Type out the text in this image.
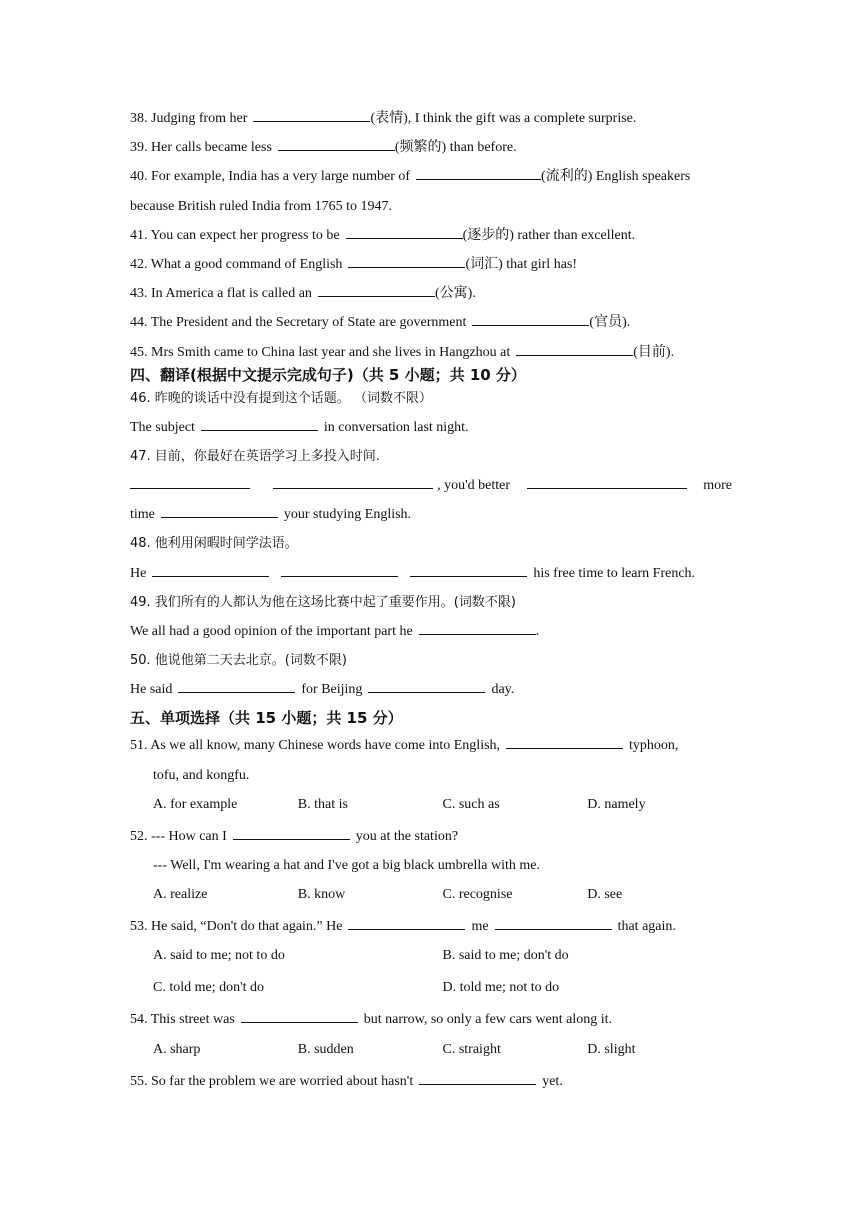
38. Judging from her	(表情), I think the gift was a complete surprise.
39. Her calls became less	(频繁的) than before.
40. For example, India has a very large number of	(流利的) English speakers
because British ruled India from 1765 to 1947.
41. You can expect her progress to be	(逐步的) rather than excellent.
42. What a good command of English	(词汇) that girl has!
43. In America a flat is called an	(公寓).
44. The President and the Secretary of State are government	(官员).
45. Mrs Smith came to China last year and she lives in Hangzhou at	(目前).
四、翻译(根据中文提示完成句子)（共 5 小题；共 10 分）
46. 昨晚的谈话中没有提到这个话题。 （词数不限）
The subject	in conversation last night.
47. 目前，你最好在英语学习上多投入时间.
, you'd better	more
time	your studying English.
48. 他利用闲暇时间学法语。
He	his free time to learn French.
49. 我们所有的人都认为他在这场比赛中起了重要作用。(词数不限)
We all had a good opinion of the important part he	.
50. 他说他第二天去北京。(词数不限)
He said	for Beijing	day.
五、单项选择（共 15 小题；共 15 分）
51. As we all know, many Chinese words have come into English,	typhoon,
tofu, and kongfu.
A. for example	B. that is	C. such as	D. namely
52. --- How can I	you at the station?
--- Well, I'm wearing a hat and I've got a big black umbrella with me.
A. realize	B. know	C. recognise	D. see
53. He said, “Don't do that again.” He	me	that again.
A. said to me; not to do	B. said to me; don't do
C. told me; don't do	D. told me; not to do
54. This street was	but narrow, so only a few cars went along it.
A. sharp	B. sudden	C. straight	D. slight
55. So far the problem we are worried about hasn't	yet.
